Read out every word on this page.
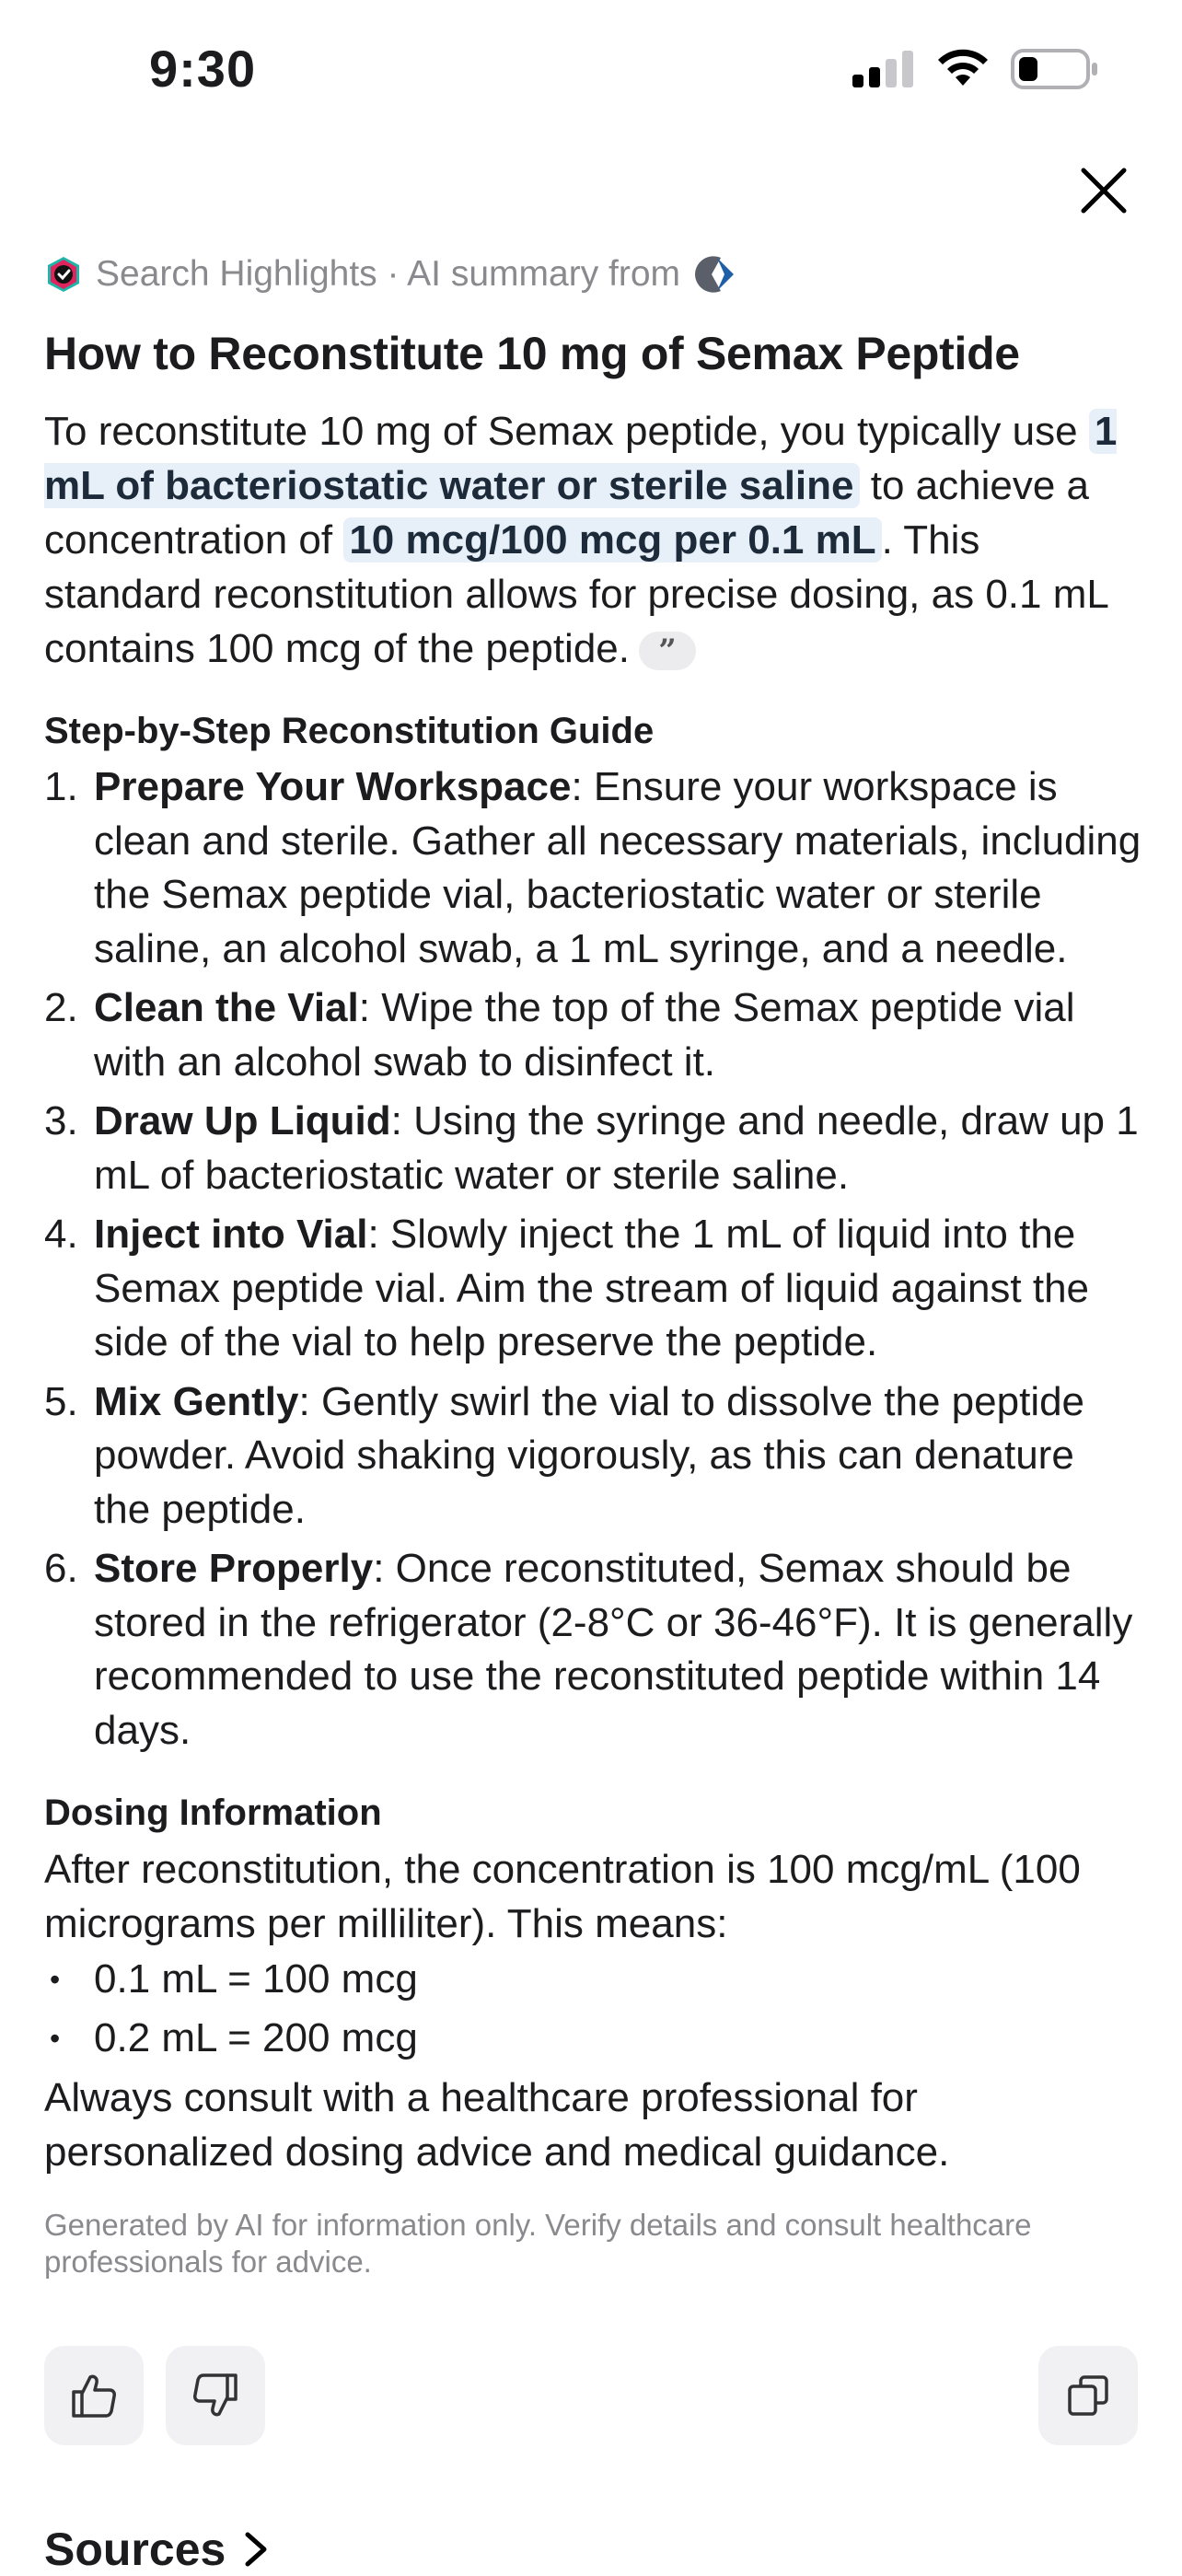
9:30
Search Highlights · AI summary from
How to Reconstitute 10 mg of Semax Peptide

To reconstitute 10 mg of Semax peptide, you typically use 1 mL of bacteriostatic water or sterile saline to achieve a concentration of 10 mcg/100 mcg per 0.1 mL . This standard reconstitution allows for precise dosing, as 0.1 mL contains 100 mcg of the peptide. ”

Step-by-Step Reconstitution Guide
1. Prepare Your Workspace: Ensure your workspace is clean and sterile. Gather all necessary materials, including the Semax peptide vial, bacteriostatic water or sterile saline, an alcohol swab, a 1 mL syringe, and a needle.
2. Clean the Vial: Wipe the top of the Semax peptide vial with an alcohol swab to disinfect it.
3. Draw Up Liquid: Using the syringe and needle, draw up 1 mL of bacteriostatic water or sterile saline.
4. Inject into Vial: Slowly inject the 1 mL of liquid into the Semax peptide vial. Aim the stream of liquid against the side of the vial to help preserve the peptide.
5. Mix Gently: Gently swirl the vial to dissolve the peptide powder. Avoid shaking vigorously, as this can denature the peptide.
6. Store Properly: Once reconstituted, Semax should be stored in the refrigerator (2-8°C or 36-46°F). It is generally recommended to use the reconstituted peptide within 14 days.
Dosing Information

After reconstitution, the concentration is 100 mcg/mL (100 micrograms per milliliter). This means:

• 0.1 mL = 100 mcg
• 0.2 mL = 200 mcg

Always consult with a healthcare professional for personalized dosing advice and medical guidance.

Generated by AI for information only. Verify details and consult healthcare professionals for advice.
Sources
